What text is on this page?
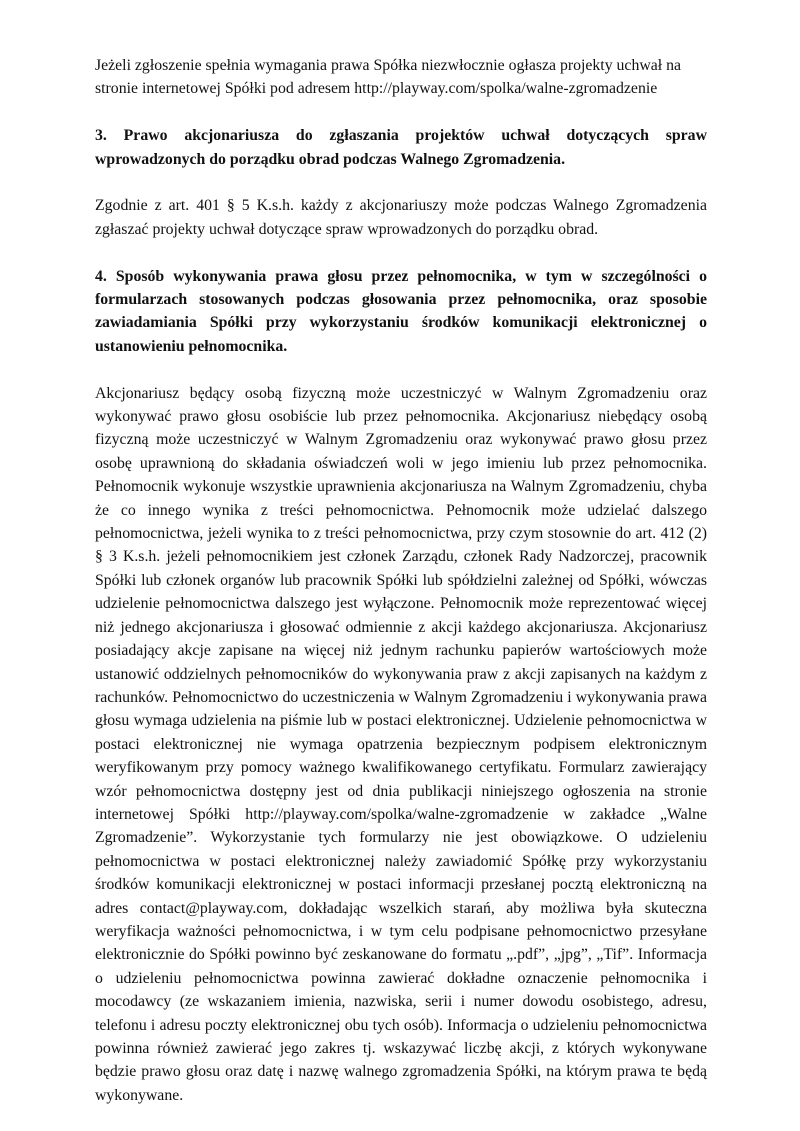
Jeżeli zgłoszenie spełnia wymagania prawa Spółka niezwłocznie ogłasza projekty uchwał na

stronie internetowej Spółki pod adresem http://playway.com/spolka/walne-zgromadzenie

3. Prawo akcjonariusza do zgłaszania projektów uchwał dotyczących spraw wprowadzonych do porządku obrad podczas Walnego Zgromadzenia.

Zgodnie z art. 401 § 5 K.s.h. każdy z akcjonariuszy może podczas Walnego Zgromadzenia zgłaszać projekty uchwał dotyczące spraw wprowadzonych do porządku obrad.

4. Sposób wykonywania prawa głosu przez pełnomocnika, w tym w szczególności o formularzach stosowanych podczas głosowania przez pełnomocnika, oraz sposobie zawiadamiania Spółki przy wykorzystaniu środków komunikacji elektronicznej o ustanowieniu pełnomocnika.

Akcjonariusz będący osobą fizyczną może uczestniczyć w Walnym Zgromadzeniu oraz wykonywać prawo głosu osobiście lub przez pełnomocnika. Akcjonariusz niebędący osobą fizyczną może uczestniczyć w Walnym Zgromadzeniu oraz wykonywać prawo głosu przez osobę uprawnioną do składania oświadczeń woli w jego imieniu lub przez pełnomocnika. Pełnomocnik wykonuje wszystkie uprawnienia akcjonariusza na Walnym Zgromadzeniu, chyba że co innego wynika z treści pełnomocnictwa. Pełnomocnik może udzielać dalszego pełnomocnictwa, jeżeli wynika to z treści pełnomocnictwa, przy czym stosownie do art. 412 (2) § 3 K.s.h. jeżeli pełnomocnikiem jest członek Zarządu, członek Rady Nadzorczej, pracownik Spółki lub członek organów lub pracownik Spółki lub spółdzielni zależnej od Spółki, wówczas udzielenie pełnomocnictwa dalszego jest wyłączone. Pełnomocnik może reprezentować więcej niż jednego akcjonariusza i głosować odmiennie z akcji każdego akcjonariusza. Akcjonariusz posiadający akcje zapisane na więcej niż jednym rachunku papierów wartościowych może ustanowić oddzielnych pełnomocników do wykonywania praw z akcji zapisanych na każdym z rachunków. Pełnomocnictwo do uczestniczenia w Walnym Zgromadzeniu i wykonywania prawa głosu wymaga udzielenia na piśmie lub w postaci elektronicznej. Udzielenie pełnomocnictwa w postaci elektronicznej nie wymaga opatrzenia bezpiecznym podpisem elektronicznym weryfikowanym przy pomocy ważnego kwalifikowanego certyfikatu. Formularz zawierający wzór pełnomocnictwa dostępny jest od dnia publikacji niniejszego ogłoszenia na stronie internetowej Spółki http://playway.com/spolka/walne-zgromadzenie w zakładce „Walne Zgromadzenie”. Wykorzystanie tych formularzy nie jest obowiązkowe. O udzieleniu pełnomocnictwa w postaci elektronicznej należy zawiadomić Spółkę przy wykorzystaniu środków komunikacji elektronicznej w postaci informacji przesłanej pocztą elektroniczną na adres contact@playway.com, dokładając wszelkich starań, aby możliwa była skuteczna weryfikacja ważności pełnomocnictwa, i w tym celu podpisane pełnomocnictwo przesyłane elektronicznie do Spółki powinno być zeskanowane do formatu „.pdf”, „jpg”, „Tif”. Informacja o udzieleniu pełnomocnictwa powinna zawierać dokładne oznaczenie pełnomocnika i mocodawcy (ze wskazaniem imienia, nazwiska, serii i numer dowodu osobistego, adresu, telefonu i adresu poczty elektronicznej obu tych osób). Informacja o udzieleniu pełnomocnictwa powinna również zawierać jego zakres tj. wskazywać liczbę akcji, z których wykonywane będzie prawo głosu oraz datę i nazwę walnego zgromadzenia Spółki, na którym prawa te będą wykonywane.
